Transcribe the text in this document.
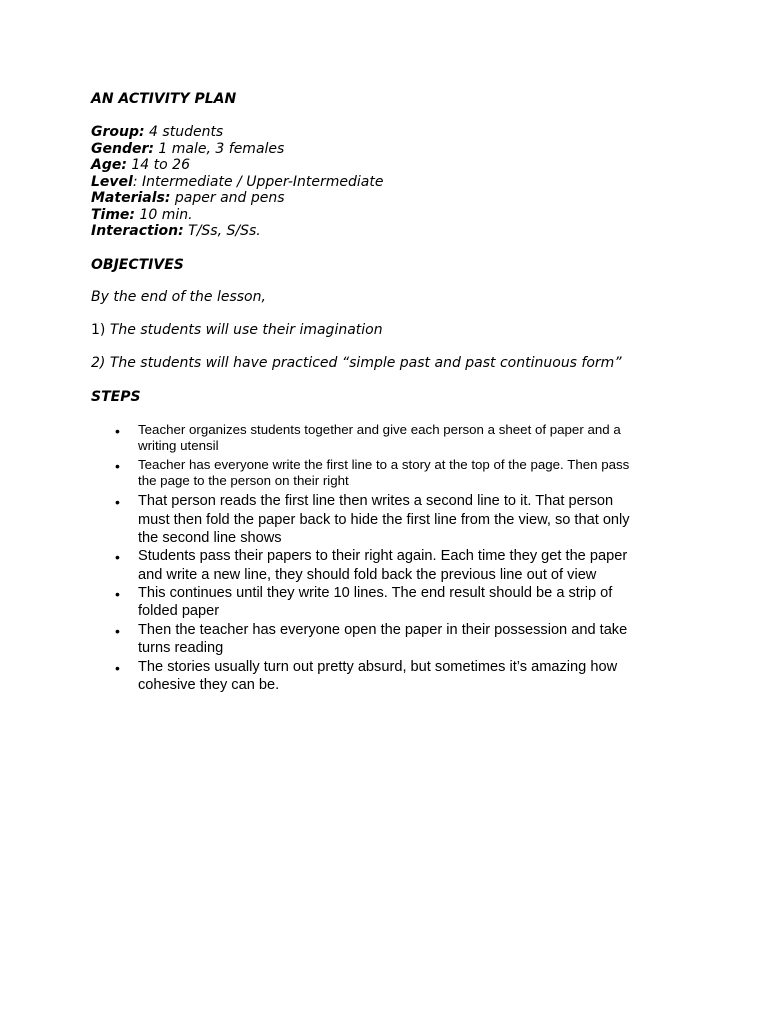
AN ACTIVITY PLAN
Group: 4 students
Gender: 1 male, 3 females
Age: 14 to 26
Level: Intermediate / Upper-Intermediate
Materials: paper and pens
Time: 10 min.
Interaction: T/Ss, S/Ss.
OBJECTIVES
By the end of the lesson,
1) The students will use their imagination
2) The students will have practiced “simple past and past continuous form”
STEPS
• Teacher organizes students together and give each person a sheet of paper and a
writing utensil
• Teacher has everyone write the first line to a story at the top of the page. Then pass
the page to the person on their right
• That person reads the first line then writes a second line to it. That person
must then fold the paper back to hide the first line from the view, so that only
the second line shows
• Students pass their papers to their right again. Each time they get the paper
and write a new line, they should fold back the previous line out of view
• This continues until they write 10 lines. The end result should be a strip of
folded paper
• Then the teacher has everyone open the paper in their possession and take
turns reading
• The stories usually turn out pretty absurd, but sometimes it’s amazing how
cohesive they can be.
